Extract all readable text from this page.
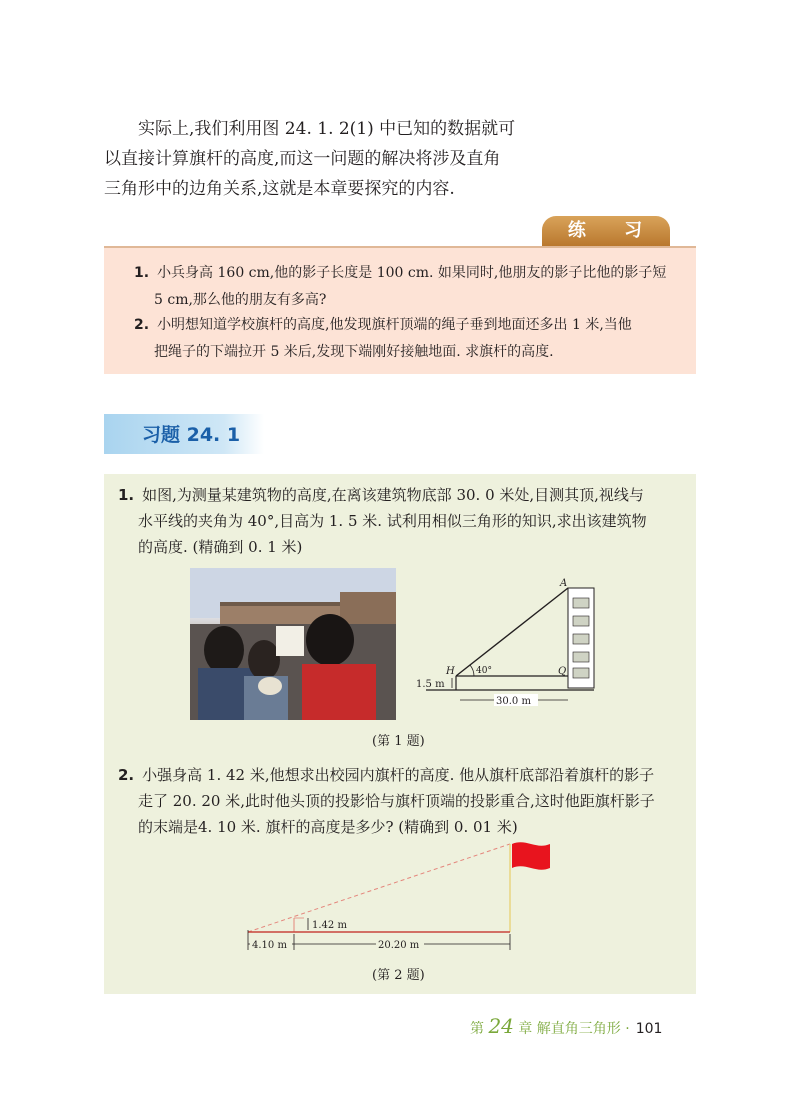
实际上,我们利用图 24. 1. 2(1) 中已知的数据就可

以直接计算旗杆的高度,而这一问题的解决将涉及直角

三角形中的边角关系,这就是本章要探究的内容.

练 习
1. 小兵身高 160 cm,他的影子长度是 100 cm. 如果同时,他朋友的影子比他的影子短
5 cm,那么他的朋友有多高?
2. 小明想知道学校旗杆的高度,他发现旗杆顶端的绳子垂到地面还多出 1 米,当他
把绳子的下端拉开 5 米后,发现下端刚好接触地面. 求旗杆的高度.
习题 24. 1
1. 如图,为测量某建筑物的高度,在离该建筑物底部 30. 0 米处,目测其顶,视线与
水平线的夹角为 40°,目高为 1. 5 米. 试利用相似三角形的知识,求出该建筑物
的高度. (精确到 0. 1 米)
A
H	Q
40°
1.5 m
30.0 m
(第 1 题)
2. 小强身高 1. 42 米,他想求出校园内旗杆的高度. 他从旗杆底部沿着旗杆的影子
走了 20. 20 米,此时他头顶的投影恰与旗杆顶端的投影重合,这时他距旗杆影子
的末端是4. 10 米. 旗杆的高度是多少? (精确到 0. 01 米)
1.42 m
4.10 m	20.20 m
(第 2 题)
第 24 章 解直角三角形 · 101
